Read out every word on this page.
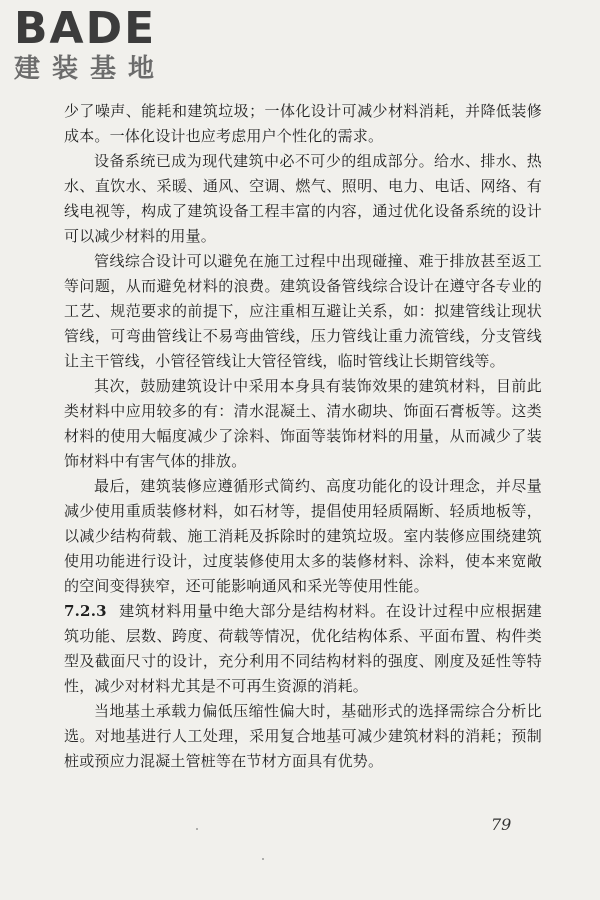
BADE
建装基地

少了噪声、能耗和建筑垃圾；一体化设计可减少材料消耗，并降低装修成本。一体化设计也应考虑用户个性化的需求。

设备系统已成为现代建筑中必不可少的组成部分。给水、排水、热水、直饮水、采暖、通风、空调、燃气、照明、电力、电话、网络、有线电视等，构成了建筑设备工程丰富的内容，通过优化设备系统的设计可以减少材料的用量。

管线综合设计可以避免在施工过程中出现碰撞、难于排放甚至返工等问题，从而避免材料的浪费。建筑设备管线综合设计在遵守各专业的工艺、规范要求的前提下，应注重相互避让关系，如：拟建管线让现状管线，可弯曲管线让不易弯曲管线，压力管线让重力流管线，分支管线让主干管线，小管径管线让大管径管线，临时管线让长期管线等。

其次，鼓励建筑设计中采用本身具有装饰效果的建筑材料，目前此类材料中应用较多的有：清水混凝土、清水砌块、饰面石膏板等。这类材料的使用大幅度减少了涂料、饰面等装饰材料的用量，从而减少了装饰材料中有害气体的排放。

最后，建筑装修应遵循形式简约、高度功能化的设计理念，并尽量减少使用重质装修材料，如石材等，提倡使用轻质隔断、轻质地板等，以减少结构荷载、施工消耗及拆除时的建筑垃圾。室内装修应围绕建筑使用功能进行设计，过度装修使用太多的装修材料、涂料，使本来宽敞的空间变得狭窄，还可能影响通风和采光等使用性能。

7.2.3 建筑材料用量中绝大部分是结构材料。在设计过程中应根据建筑功能、层数、跨度、荷载等情况，优化结构体系、平面布置、构件类型及截面尺寸的设计，充分利用不同结构材料的强度、刚度及延性等特性，减少对材料尤其是不可再生资源的消耗。

当地基土承载力偏低压缩性偏大时，基础形式的选择需综合分析比选。对地基进行人工处理，采用复合地基可减少建筑材料的消耗；预制桩或预应力混凝土管桩等在节材方面具有优势。

79
